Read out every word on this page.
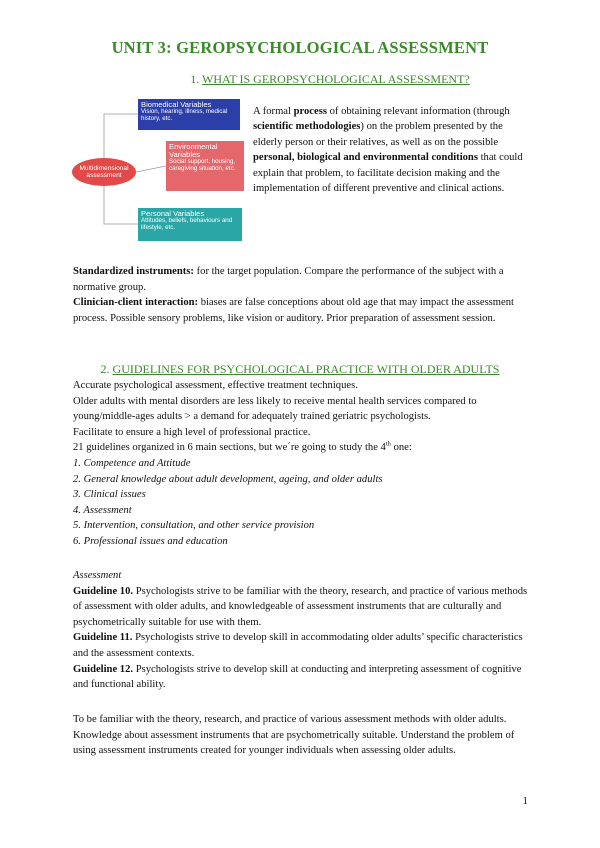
UNIT 3: GEROPSYCHOLOGICAL ASSESSMENT
1. WHAT IS GEROPSYCHOLOGICAL ASSESSMENT?
Biomedical Variables
Vision, hearing, illness, medical history, etc.
Environmental Variables
Social support, housing, caregiving situation, etc.
Personal Variables
Attitudes, beliefs, behaviours and lifestyle, etc.
Multidimensional assessment
A formal process of obtaining relevant information (through scientific methodologies) on the problem presented by the elderly person or their relatives, as well as on the possible personal, biological and environmental conditions that could explain that problem, to facilitate decision making and the implementation of different preventive and clinical actions.
Standardized instruments: for the target population. Compare the performance of the subject with a normative group.
Clinician-client interaction: biases are false conceptions about old age that may impact the assessment process. Possible sensory problems, like vision or auditory. Prior preparation of assessment session.
2. GUIDELINES FOR PSYCHOLOGICAL PRACTICE WITH OLDER ADULTS
Accurate psychological assessment, effective treatment techniques.
Older adults with mental disorders are less likely to receive mental health services compared to young/middle-ages adults > a demand for adequately trained geriatric psychologists.
Facilitate to ensure a high level of professional practice.
21 guidelines organized in 6 main sections, but we´re going to study the 4th one:
1. Competence and Attitude
2. General knowledge about adult development, ageing, and older adults
3. Clinical issues
4. Assessment
5. Intervention, consultation, and other service provision
6. Professional issues and education
Assessment
Guideline 10. Psychologists strive to be familiar with the theory, research, and practice of various methods of assessment with older adults, and knowledgeable of assessment instruments that are culturally and psychometrically suitable for use with them.
Guideline 11. Psychologists strive to develop skill in accommodating older adults’ specific characteristics and the assessment contexts.
Guideline 12. Psychologists strive to develop skill at conducting and interpreting assessment of cognitive and functional ability.
To be familiar with the theory, research, and practice of various assessment methods with older adults. Knowledge about assessment instruments that are psychometrically suitable. Understand the problem of using assessment instruments created for younger individuals when assessing older adults.
1
